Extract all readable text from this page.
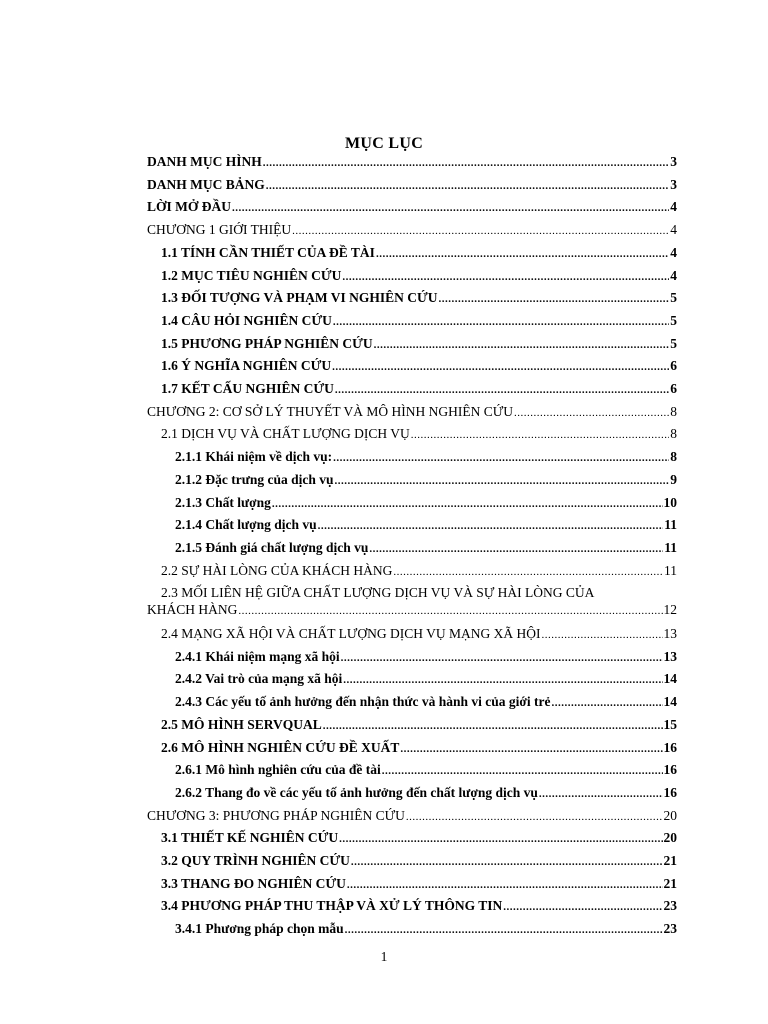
MỤC LỤC
DANH MỤC HÌNH .....	3
DANH MỤC BẢNG .....	3
LỜI MỞ ĐẦU .....	4
CHƯƠNG 1 GIỚI THIỆU .....	4
1.1 TÍNH CẦN THIẾT CỦA ĐỀ TÀI .....	4
1.2 MỤC TIÊU NGHIÊN CỨU .....	4
1.3 ĐỐI TƯỢNG VÀ PHẠM VI NGHIÊN CỨU .....	5
1.4 CÂU HỎI NGHIÊN CỨU .....	5
1.5 PHƯƠNG PHÁP NGHIÊN CỨU .....	5
1.6 Ý NGHĨA NGHIÊN CỨU .....	6
1.7 KẾT CẤU NGHIÊN CỨU .....	6
CHƯƠNG 2: CƠ SỞ LÝ THUYẾT VÀ MÔ HÌNH NGHIÊN CỨU .....	8
2.1 DỊCH VỤ VÀ CHẤT LƯỢNG DỊCH VỤ .....	8
2.1.1 Khái niệm về dịch vụ: .....	8
2.1.2 Đặc trưng của dịch vụ .....	9
2.1.3 Chất lượng .....	10
2.1.4 Chất lượng dịch vụ .....	11
2.1.5 Đánh giá chất lượng dịch vụ .....	11
2.2 SỰ HÀI LÒNG CỦA KHÁCH HÀNG .....	11
2.3 MỐI LIÊN HỆ GIỮA CHẤT LƯỢNG DỊCH VỤ VÀ SỰ HÀI LÒNG CỦA
KHÁCH HÀNG .....	12
2.4 MẠNG XÃ HỘI VÀ CHẤT LƯỢNG DỊCH VỤ MẠNG XÃ HỘI .....	13
2.4.1 Khái niệm mạng xã hội .....	13
2.4.2 Vai trò của mạng xã hội .....	14
2.4.3 Các yếu tố ảnh hưởng đến nhận thức và hành vi của giới trẻ .....	14
2.5 MÔ HÌNH SERVQUAL .....	15
2.6 MÔ HÌNH NGHIÊN CỨU ĐỀ XUẤT .....	16
2.6.1 Mô hình nghiên cứu của đề tài .....	16
2.6.2 Thang đo về các yếu tố ảnh hưởng đến chất lượng dịch vụ .....	16
CHƯƠNG 3: PHƯƠNG PHÁP NGHIÊN CỨU .....	20
3.1 THIẾT KẾ NGHIÊN CỨU .....	20
3.2 QUY TRÌNH NGHIÊN CỨU .....	21
3.3 THANG ĐO NGHIÊN CỨU .....	21
3.4 PHƯƠNG PHÁP THU THẬP VÀ XỬ LÝ THÔNG TIN .....	23
3.4.1 Phương pháp chọn mẫu .....	23
1
